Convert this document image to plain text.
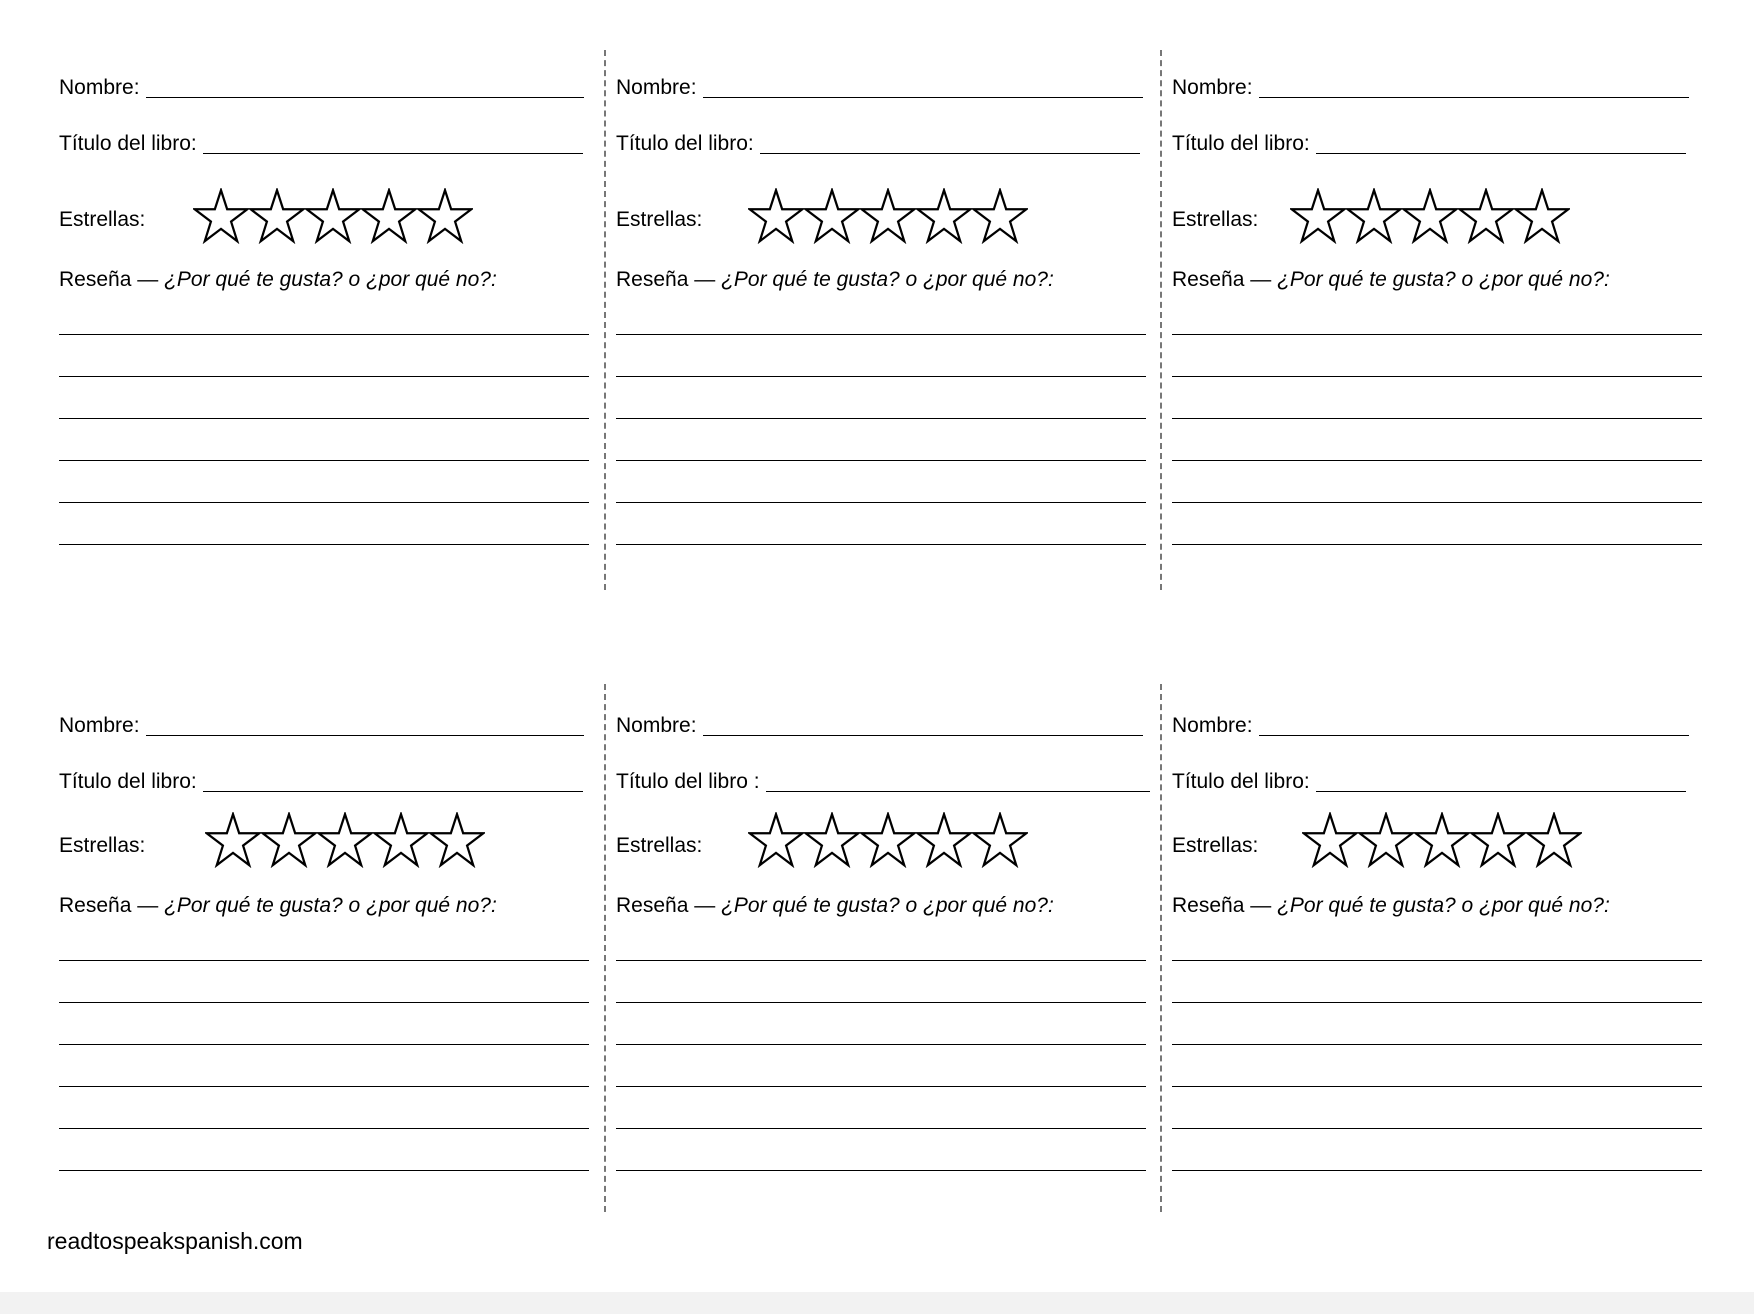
Nombre:
Título del libro:
Estrellas:
Reseña — ¿Por qué te gusta? o ¿por qué no?:
Nombre:
Título del libro:
Estrellas:
Reseña — ¿Por qué te gusta? o ¿por qué no?:
Nombre:
Título del libro:
Estrellas:
Reseña — ¿Por qué te gusta? o ¿por qué no?:
Nombre:
Título del libro:
Estrellas:
Reseña — ¿Por qué te gusta? o ¿por qué no?:
Nombre:
Título del libro :
Estrellas:
Reseña — ¿Por qué te gusta? o ¿por qué no?:
Nombre:
Título del libro:
Estrellas:
Reseña — ¿Por qué te gusta? o ¿por qué no?:
readtospeakspanish.com
